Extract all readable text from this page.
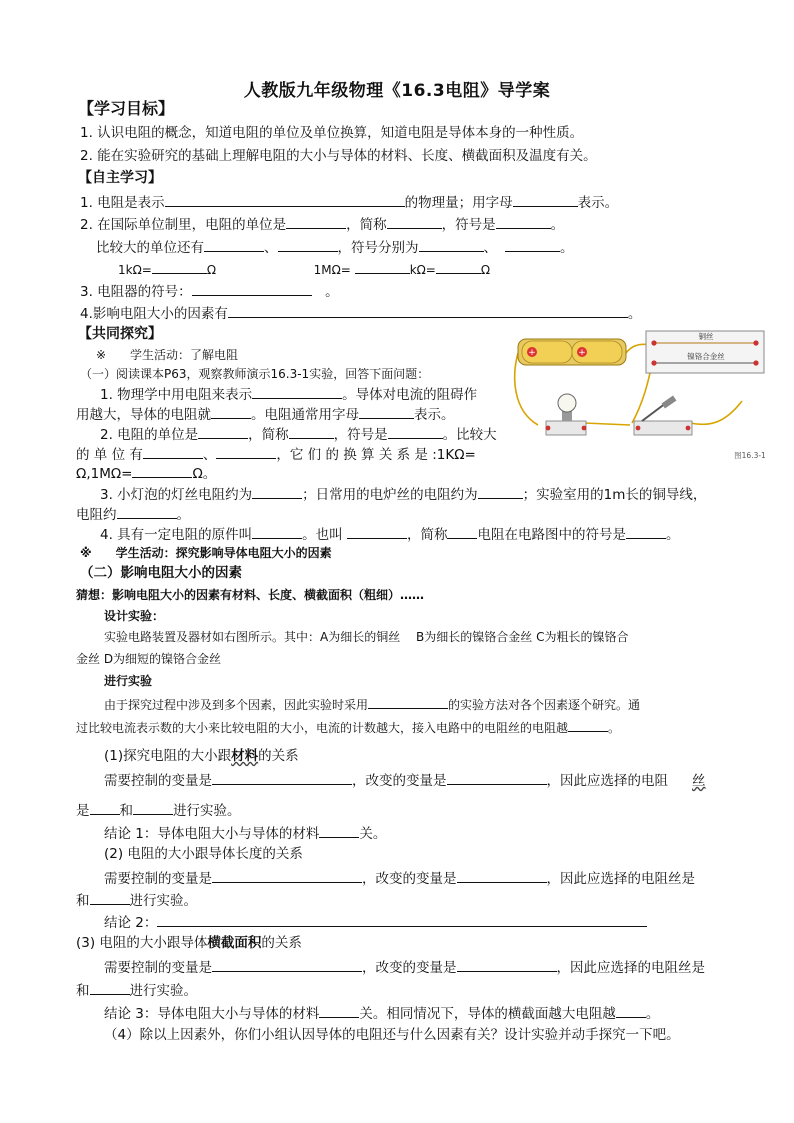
人教版九年级物理《16.3电阻》导学案
【学习目标】
1. 认识电阻的概念，知道电阻的单位及单位换算，知道电阻是导体本身的一种性质。
2. 能在实验研究的基础上理解电阻的大小与导体的材料、长度、横截面积及温度有关。
【自主学习】
1. 电阻是表示	的物理量；用字母	表示。
2. 在国际单位制里，电阻的单位是	，简称	，符号是	。
比较大的单位还有	、	，符号分别为	、	。
1kΩ=	Ω	1MΩ=	kΩ=	Ω
3. 电阻器的符号：　	。
4.影响电阻大小的因素有	。
【共同探究】
※　　学生活动：了解电阻
（一）阅读课本P63，观察教师演示16.3-1实验，回答下面问题：
1. 物理学中用电阻来表示	。导体对电流的阻碍作
用越大，导体的电阻就	。电阻通常用字母	表示。
2. 电阻的单位是	，简称	，符号是	。比较大
的 单 位 有	、	，它 们 的 换 算 关 系 是 :1KΩ=
Ω,1MΩ=	Ω。
3. 小灯泡的灯丝电阻约为	；日常用的电炉丝的电阻约为	；实验室用的1m长的铜导线，
电阻约	。
4. 具有一定电阻的原件叫	。也叫	，简称 电阻在电路图中的符号是	。
※　　学生活动：探究影响导体电阻大小的因素
（二）影响电阻大小的因素
猜想：影响电阻大小的因素有材料、长度、横截面积（粗细）……
设计实验：
实验电路装置及器材如右图所示。其中：A为细长的铜丝　 B为细长的镍铬合金丝 C为粗长的镍铬合
金丝 D为细短的镍铬合金丝
进行实验
由于探究过程中涉及到多个因素，因此实验时采用	的实验方法对各个因素逐个研究。通
过比较电流表示数的大小来比较电阻的大小，电流的计数越大，接入电路中的电阻丝的电阻越	。
(1)探究电阻的大小跟材料的关系
需要控制的变量是	，改变的变量是	，因此应选择的电阻 丝
是 和	进行实验。
结论 1：导体电阻大小与导体的材料	关。
(2) 电阻的大小跟导体长度的关系
需要控制的变量是	，改变的变量是	，因此应选择的电阻丝是
和	进行实验。
结论 2：
(3) 电阻的大小跟导体横截面积的关系
需要控制的变量是	，改变的变量是	，因此应选择的电阻丝是
和	进行实验。
结论 3：导体电阻大小与导体的材料	关。相同情况下，导体的横截面越大电阻越 。
（4）除以上因素外，你们小组认因导体的电阻还与什么因素有关？设计实验并动手探究一下吧。
+	+
铜丝
镍铬合金丝
图16.3-1
